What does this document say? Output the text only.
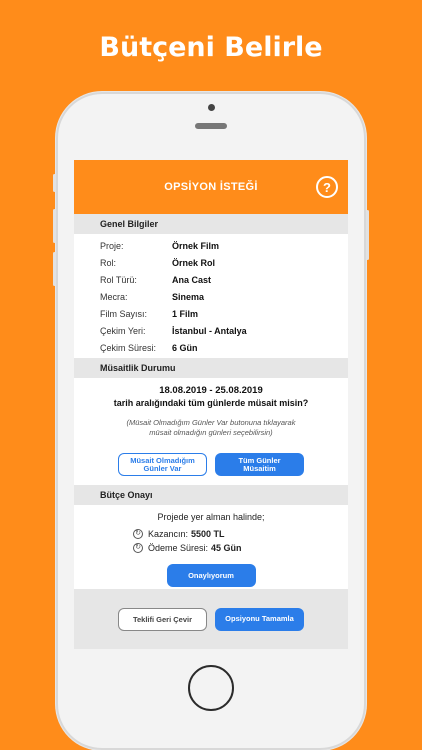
Bütçeni Belirle
OPSİYON İSTEĞİ	?
Genel Bilgiler
Proje:	Örnek Film
Rol:	Örnek Rol
Rol Türü:	Ana Cast
Mecra:	Sinema
Film Sayısı:	1 Film
Çekim Yeri:	İstanbul - Antalya
Çekim Süresi:	6 Gün
Müsaitlik Durumu
18.08.2019 - 25.08.2019
tarih aralığındaki tüm günlerde müsait misin?
(Müsait Olmadığım Günler Var butonuna tıklayarak
müsait olmadığın günleri seçebilirsin)
Müsait Olmadığım
Günler Var
Tüm Günler
Müsaitim
Bütçe Onayı
Projede yer alman halinde;
↻ Kazancın: 5500 TL
↻ Ödeme Süresi: 45 Gün
Onaylıyorum
Teklifi Geri Çevir	Opsiyonu Tamamla
